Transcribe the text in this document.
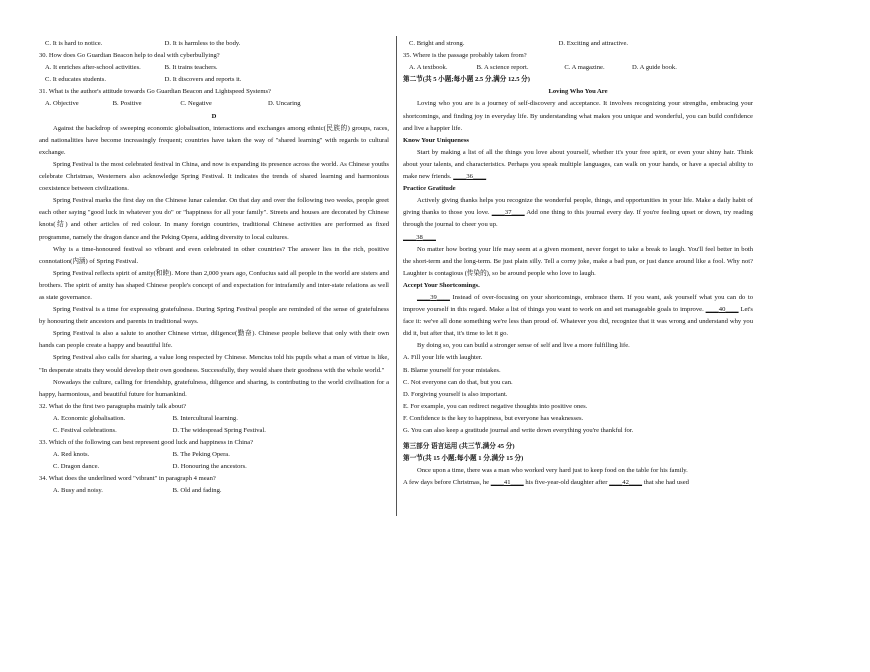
C. It is hard to notice.	D. It is harmless to the body.
30. How does Go Guardian Beacon help to deal with cyberbullying?
A. It enriches after-school activities.	B. It trains teachers.
C. It educates students.	D. It discovers and reports it.
31. What is the author's attitude towards Go Guardian Beacon and Lightspeed Systems?
A. Objective	B. Positive	C. Negative	D. Uncaring
D
Against the backdrop of sweeping economic globalisation, interactions and exchanges among ethnic(民族的) groups, races, and nationalities have become increasingly frequent; countries have taken the way of "shared learning" with regards to cultural exchange.
Spring Festival is the most celebrated festival in China, and now is expanding its presence across the world. As Chinese youths celebrate Christmas, Westerners also acknowledge Spring Festival. It indicates the trends of shared learning and harmonious coexistence between civilizations.
Spring Festival marks the first day on the Chinese lunar calendar. On that day and over the following two weeks, people greet each other saying "good luck in whatever you do" or "happiness for all your family". Streets and houses are decorated by Chinese knots(结) and other articles of red colour. In many foreign countries, traditional Chinese activities are performed as fixed programme, namely the dragon dance and the Peking Opera, adding diversity to local cultures.
Why is a time-honoured festival so vibrant and even celebrated in other countries? The answer lies in the rich, positive connotation(内涵) of Spring Festival.
Spring Festival reflects spirit of amity(和睦). More than 2,000 years ago, Confucius said all people in the world are sisters and brothers. The spirit of amity has shaped Chinese people's concept of and expectation for intrafamily and inter-state relations as well as state governance.
Spring Festival is a time for expressing gratefulness. During Spring Festival people are reminded of the sense of gratefulness by honouring their ancestors and parents in traditional ways.
Spring Festival is also a salute to another Chinese virtue, diligence(勤奋). Chinese people believe that only with their own hands can people create a happy and beautiful life.
Spring Festival also calls for sharing, a value long respected by Chinese. Mencius told his pupils what a man of virtue is like, "In desperate straits they would develop their own goodness. Successfully, they would share their goodness with the whole world."
Nowadays the culture, calling for friendship, gratefulness, diligence and sharing, is contributing to the world civilisation for a happy, harmonious, and beautiful future for humankind.
32. What do the first two paragraphs mainly talk about?
A. Economic globalisation.	B. Intercultural learning.
C. Festival celebrations.	D. The widespread Spring Festival.
33. Which of the following can best represent good luck and happiness in China?
A. Red knots.	B. The Peking Opera.
C. Dragon dance.	D. Honouring the ancestors.
34. What does the underlined word "vibrant" in paragraph 4 mean?
A. Busy and noisy.	B. Old and fading.
C. Bright and strong.	D. Exciting and attractive.
35. Where is the passage probably taken from?
A. A textbook.	B. A science report.	C. A magazine.	D. A guide book.
第二节(共 5 小题;每小题 2.5 分,满分 12.5 分)
Loving Who You Are
Loving who you are is a journey of self-discovery and acceptance. It involves recognizing your strengths, embracing your shortcomings, and finding joy in everyday life. By understanding what makes you unique and wonderful, you can build confidence and live a happier life.
Know Your Uniqueness
Start by making a list of all the things you love about yourself, whether it's your free spirit, or even your shiny hair. Think about your talents, and characteristics. Perhaps you speak multiple languages, can walk on your hands, or have a special ability to make new friends. ____36____
Practice Gratitude
Actively giving thanks helps you recognize the wonderful people, things, and opportunities in your life. Make a daily habit of giving thanks to those you love. ____37____ Add one thing to this journal every day. If you're feeling upset or down, try reading through the journal to cheer you up.
____38____
No matter how boring your life may seem at a given moment, never forget to take a break to laugh. You'll feel better in both the short-term and the long-term. Be just plain silly. Tell a corny joke, make a bad pun, or just dance around like a fool. Why not? Laughter is contagious (传染的), so be around people who love to laugh.
Accept Your Shortcomings.
____39____ Instead of over-focusing on your shortcomings, embrace them. If you want, ask yourself what you can do to improve yourself in this regard. Make a list of things you want to work on and set manageable goals to improve. ____40____ Let's face it: we've all done something we're less than proud of. Whatever you did, recognize that it was wrong and understand why you did it, but after that, it's time to let it go.
By doing so, you can build a stronger sense of self and live a more fulfilling life.
A. Fill your life with laughter.
B. Blame yourself for your mistakes.
C. Not everyone can do that, but you can.
D. Forgiving yourself is also important.
E. For example, you can redirect negative thoughts into positive ones.
F. Confidence is the key to happiness, but everyone has weaknesses.
G. You can also keep a gratitude journal and write down everything you're thankful for.
第三部分 语言运用 (共三节,满分 45 分)
第一节(共 15 小题;每小题 1 分,满分 15 分)
Once upon a time, there was a man who worked very hard just to keep food on the table for his family.
A few days before Christmas, he ____41____ his five-year-old daughter after ____42____ that she had used
